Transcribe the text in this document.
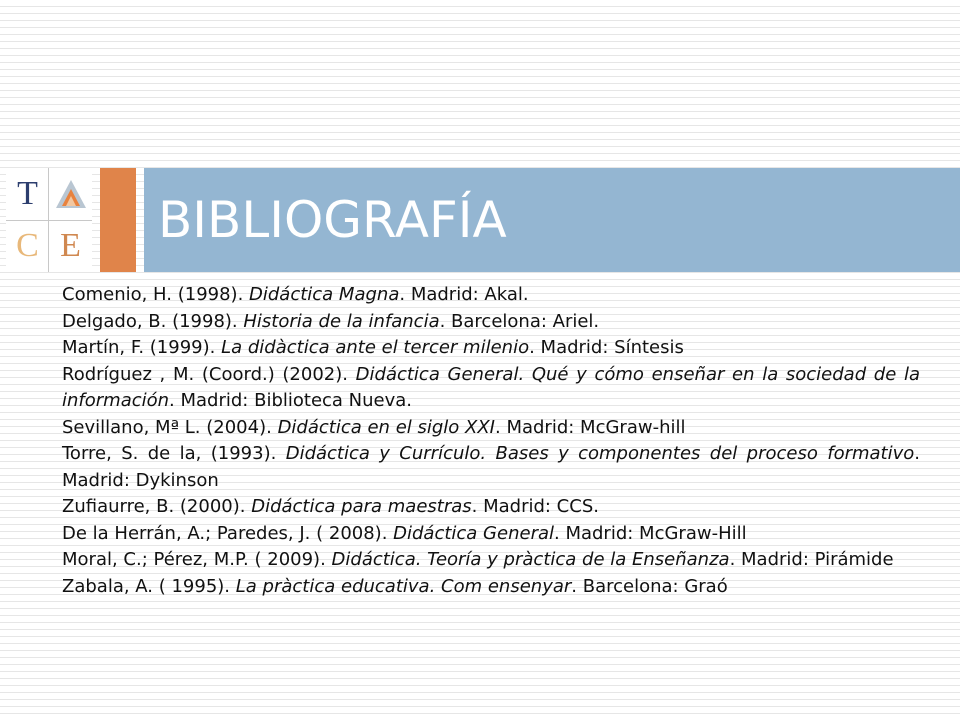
T
C E BIBLIOGRAFÍA
Comenio, H. (1998). Didáctica Magna. Madrid: Akal.
Delgado, B. (1998). Historia de la infancia. Barcelona: Ariel.
Martín, F. (1999). La didàctica ante el tercer milenio. Madrid: Síntesis
Rodríguez , M. (Coord.) (2002). Didáctica General. Qué y cómo enseñar en la sociedad de la información. Madrid: Biblioteca Nueva.
Sevillano, Mª L. (2004). Didáctica en el siglo XXI. Madrid: McGraw-hill
Torre, S. de la, (1993). Didáctica y Currículo. Bases y componentes del proceso formativo. Madrid: Dykinson
Zufiaurre, B. (2000). Didáctica para maestras. Madrid: CCS.
De la Herrán, A.; Paredes, J. ( 2008). Didáctica General. Madrid: McGraw-Hill
Moral, C.; Pérez, M.P. ( 2009). Didáctica. Teoría y pràctica de la Enseñanza. Madrid: Pirámide
Zabala, A. ( 1995). La pràctica educativa. Com ensenyar. Barcelona: Graó
